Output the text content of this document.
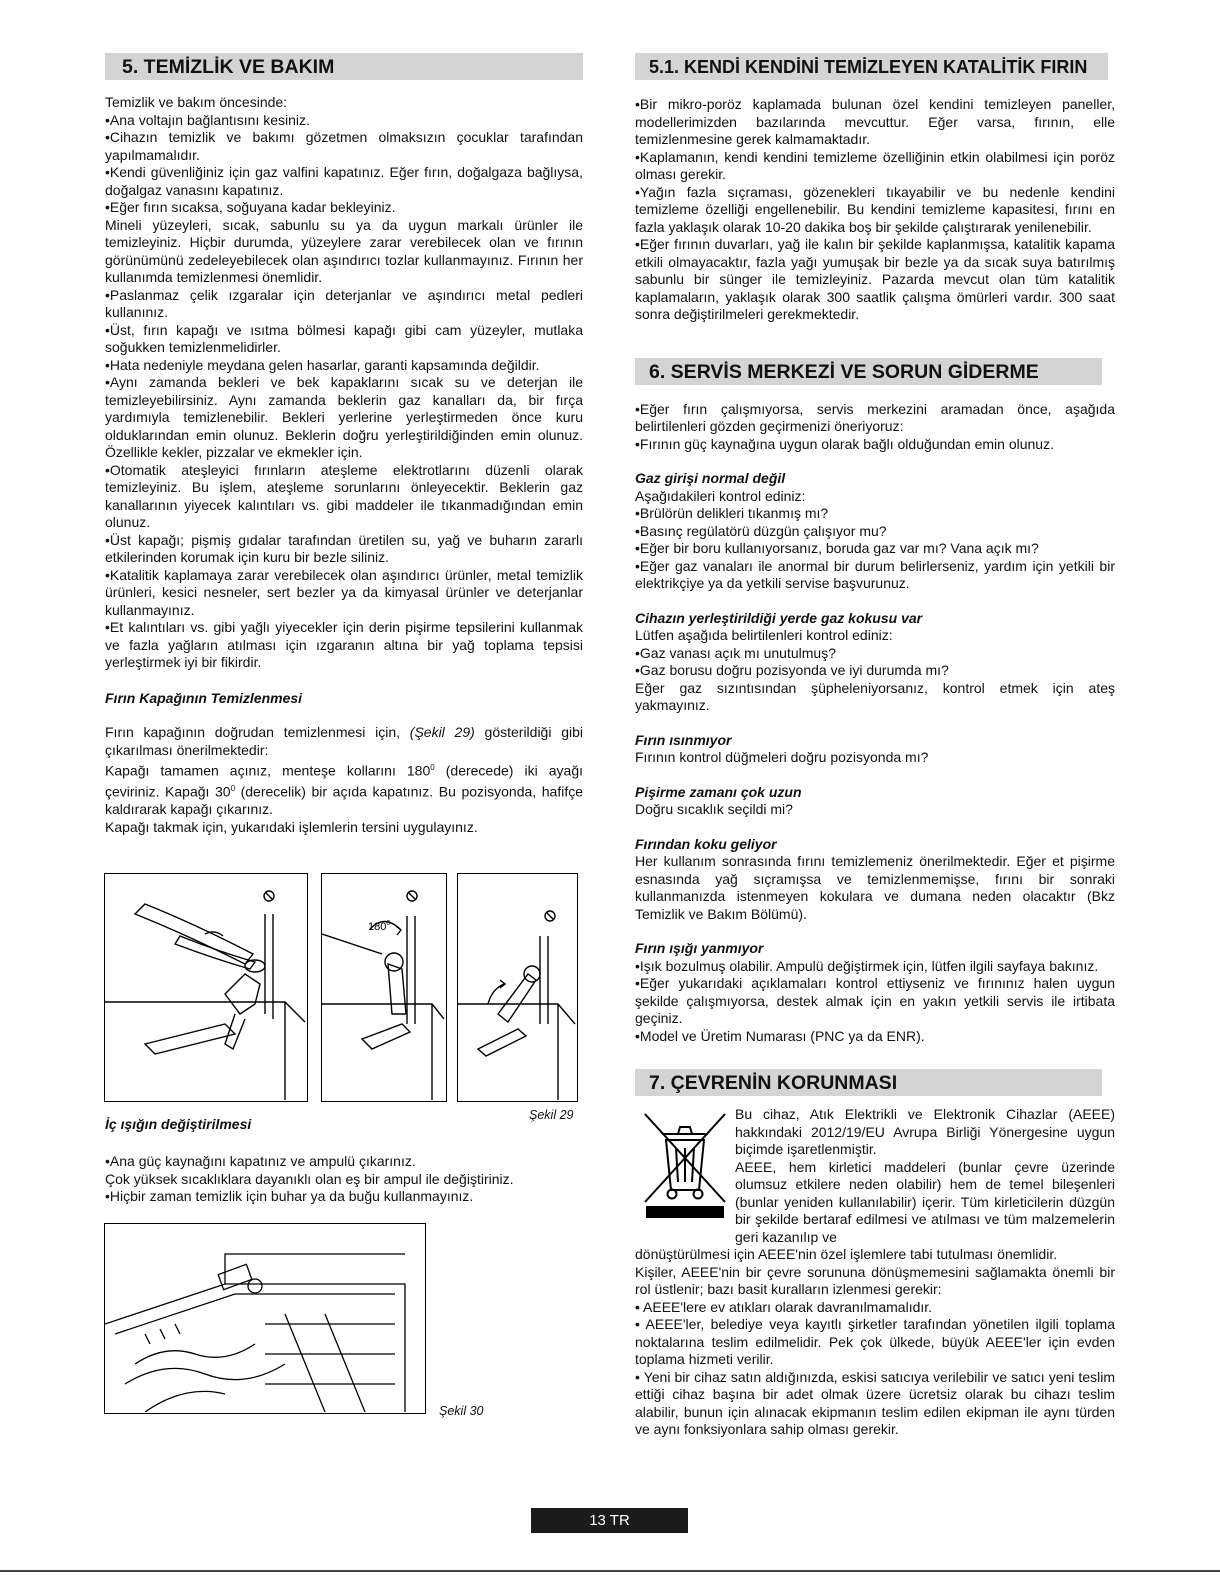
5. TEMİZLİK VE BAKIM
Temizlik ve bakım öncesinde:
•Ana voltajın bağlantısını kesiniz.
•Cihazın temizlik ve bakımı gözetmen olmaksızın çocuklar tarafından yapılmamalıdır.
•Kendi güvenliğiniz için gaz valfini kapatınız. Eğer fırın, doğalgaza bağlıysa, doğalgaz vanasını kapatınız.
•Eğer fırın sıcaksa, soğuyana kadar bekleyiniz.
Mineli yüzeyleri, sıcak, sabunlu su ya da uygun markalı ürünler ile temizleyiniz. Hiçbir durumda, yüzeylere zarar verebilecek olan ve fırının görünümünü zedeleyebilecek olan aşındırıcı tozlar kullanmayınız. Fırının her kullanımda temizlenmesi önemlidir.
•Paslanmaz çelik ızgaralar için deterjanlar ve aşındırıcı metal pedleri kullanınız.
•Üst, fırın kapağı ve ısıtma bölmesi kapağı gibi cam yüzeyler, mutlaka soğukken temizlenmelidirler.
•Hata nedeniyle meydana gelen hasarlar, garanti kapsamında değildir.
•Aynı zamanda bekleri ve bek kapaklarını sıcak su ve deterjan ile temizleyebilirsiniz. Aynı zamanda beklerin gaz kanalları da, bir fırça yardımıyla temizlenebilir. Bekleri yerlerine yerleştirmeden önce kuru olduklarından emin olunuz. Beklerin doğru yerleştirildiğinden emin olunuz. Özellikle kekler, pizzalar ve ekmekler için.
•Otomatik ateşleyici fırınların ateşleme elektrotlarını düzenli olarak temizleyiniz. Bu işlem, ateşleme sorunlarını önleyecektir. Beklerin gaz kanallarının yiyecek kalıntıları vs. gibi maddeler ile tıkanmadığından emin olunuz.
•Üst kapağı; pişmiş gıdalar tarafından üretilen su, yağ ve buharın zararlı etkilerinden korumak için kuru bir bezle siliniz.
•Katalitik kaplamaya zarar verebilecek olan aşındırıcı ürünler, metal temizlik ürünleri, kesici nesneler, sert bezler ya da kimyasal ürünler ve deterjanlar kullanmayınız.
•Et kalıntıları vs. gibi yağlı yiyecekler için derin pişirme tepsilerini kullanmak ve fazla yağların atılması için ızgaranın altına bir yağ toplama tepsisi yerleştirmek iyi bir fikirdir.

Fırın Kapağının Temizlenmesi

Fırın kapağının doğrudan temizlenmesi için, (Şekil 29) gösterildiği gibi çıkarılması önerilmektedir:
Kapağı tamamen açınız, menteşe kollarını $180^0$ (derecede) iki ayağı çeviriniz. Kapağı $30^0$ (derecelik) bir açıda kapatınız. Bu pozisyonda, hafifçe kaldırarak kapağı çıkarınız.
Kapağı takmak için, yukarıdaki işlemlerin tersini uygulayınız.
$180^0$
Şekil 29

İç ışığın değiştirilmesi

•Ana güç kaynağını kapatınız ve ampulü çıkarınız.
Çok yüksek sıcaklıklara dayanıklı olan eş bir ampul ile değiştiriniz.
•Hiçbir zaman temizlik için buhar ya da buğu kullanmayınız.
Şekil 30
5.1. KENDİ KENDİNİ TEMİZLEYEN KATALİTİK FIRIN
•Bir mikro-poröz kaplamada bulunan özel kendini temizleyen paneller, modellerimizden bazılarında mevcuttur. Eğer varsa, fırının, elle temizlenmesine gerek kalmamaktadır.
•Kaplamanın, kendi kendini temizleme özelliğinin etkin olabilmesi için poröz olması gerekir.
•Yağın fazla sıçraması, gözenekleri tıkayabilir ve bu nedenle kendini temizleme özelliği engellenebilir. Bu kendini temizleme kapasitesi, fırını en fazla yaklaşık olarak 10-20 dakika boş bir şekilde çalıştırarak yenilenebilir.
•Eğer fırının duvarları, yağ ile kalın bir şekilde kaplanmışsa, katalitik kapama etkili olmayacaktır, fazla yağı yumuşak bir bezle ya da sıcak suya batırılmış sabunlu bir sünger ile temizleyiniz. Pazarda mevcut olan tüm katalitik kaplamaların, yaklaşık olarak 300 saatlik çalışma ömürleri vardır. 300 saat sonra değiştirilmeleri gerekmektedir.
6. SERVİS MERKEZİ VE SORUN GİDERME
•Eğer fırın çalışmıyorsa, servis merkezini aramadan önce, aşağıda belirtilenleri gözden geçirmenizi öneriyoruz:
•Fırının güç kaynağına uygun olarak bağlı olduğundan emin olunuz.

Gaz girişi normal değil

Aşağıdakileri kontrol ediniz:
•Brülörün delikleri tıkanmış mı?
•Basınç regülatörü düzgün çalışıyor mu?
•Eğer bir boru kullanıyorsanız, boruda gaz var mı? Vana açık mı?
•Eğer gaz vanaları ile anormal bir durum belirlerseniz, yardım için yetkili bir elektrikçiye ya da yetkili servise başvurunuz.

Cihazın yerleştirildiği yerde gaz kokusu var

Lütfen aşağıda belirtilenleri kontrol ediniz:
•Gaz vanası açık mı unutulmuş?
•Gaz borusu doğru pozisyonda ve iyi durumda mı?
Eğer gaz sızıntısından şüpheleniyorsanız, kontrol etmek için ateş yakmayınız.

Fırın ısınmıyor

Fırının kontrol düğmeleri doğru pozisyonda mı?

Pişirme zamanı çok uzun

Doğru sıcaklık seçildi mi?

Fırından koku geliyor

Her kullanım sonrasında fırını temizlemeniz önerilmektedir. Eğer et pişirme esnasında yağ sıçramışsa ve temizlenmemişse, fırını bir sonraki kullanmanızda istenmeyen kokulara ve dumana neden olacaktır (Bkz Temizlik ve Bakım Bölümü).

Fırın ışığı yanmıyor

•Işık bozulmuş olabilir. Ampulü değiştirmek için, lütfen ilgili sayfaya bakınız.
•Eğer yukarıdaki açıklamaları kontrol ettiyseniz ve fırınınız halen uygun şekilde çalışmıyorsa, destek almak için en yakın yetkili servis ile irtibata geçiniz.
•Model ve Üretim Numarası (PNC ya da ENR).
7. ÇEVRENİN KORUNMASI
Bu cihaz, Atık Elektrikli ve Elektronik Cihazlar (AEEE) hakkındaki 2012/19/EU Avrupa Birliği Yönergesine uygun biçimde işaretlenmiştir.
AEEE, hem kirletici maddeleri (bunlar çevre üzerinde olumsuz etkilere neden olabilir) hem de temel bileşenleri (bunlar yeniden kullanılabilir) içerir. Tüm kirleticilerin düzgün bir şekilde bertaraf edilmesi ve atılması ve tüm malzemelerin geri kazanılıp ve
dönüştürülmesi için AEEE'nin özel işlemlere tabi tutulması önemlidir.
Kişiler, AEEE'nin bir çevre sorununa dönüşmemesini sağlamakta önemli bir rol üstlenir; bazı basit kuralların izlenmesi gerekir:
• AEEE'lere ev atıkları olarak davranılmamalıdır.
• AEEE'ler, belediye veya kayıtlı şirketler tarafından yönetilen ilgili toplama noktalarına teslim edilmelidir. Pek çok ülkede, büyük AEEE'ler için evden toplama hizmeti verilir.
• Yeni bir cihaz satın aldığınızda, eskisi satıcıya verilebilir ve satıcı yeni teslim ettiği cihaz başına bir adet olmak üzere ücretsiz olarak bu cihazı teslim alabilir, bunun için alınacak ekipmanın teslim edilen ekipman ile aynı türden ve aynı fonksiyonlara sahip olması gerekir.
13 TR
